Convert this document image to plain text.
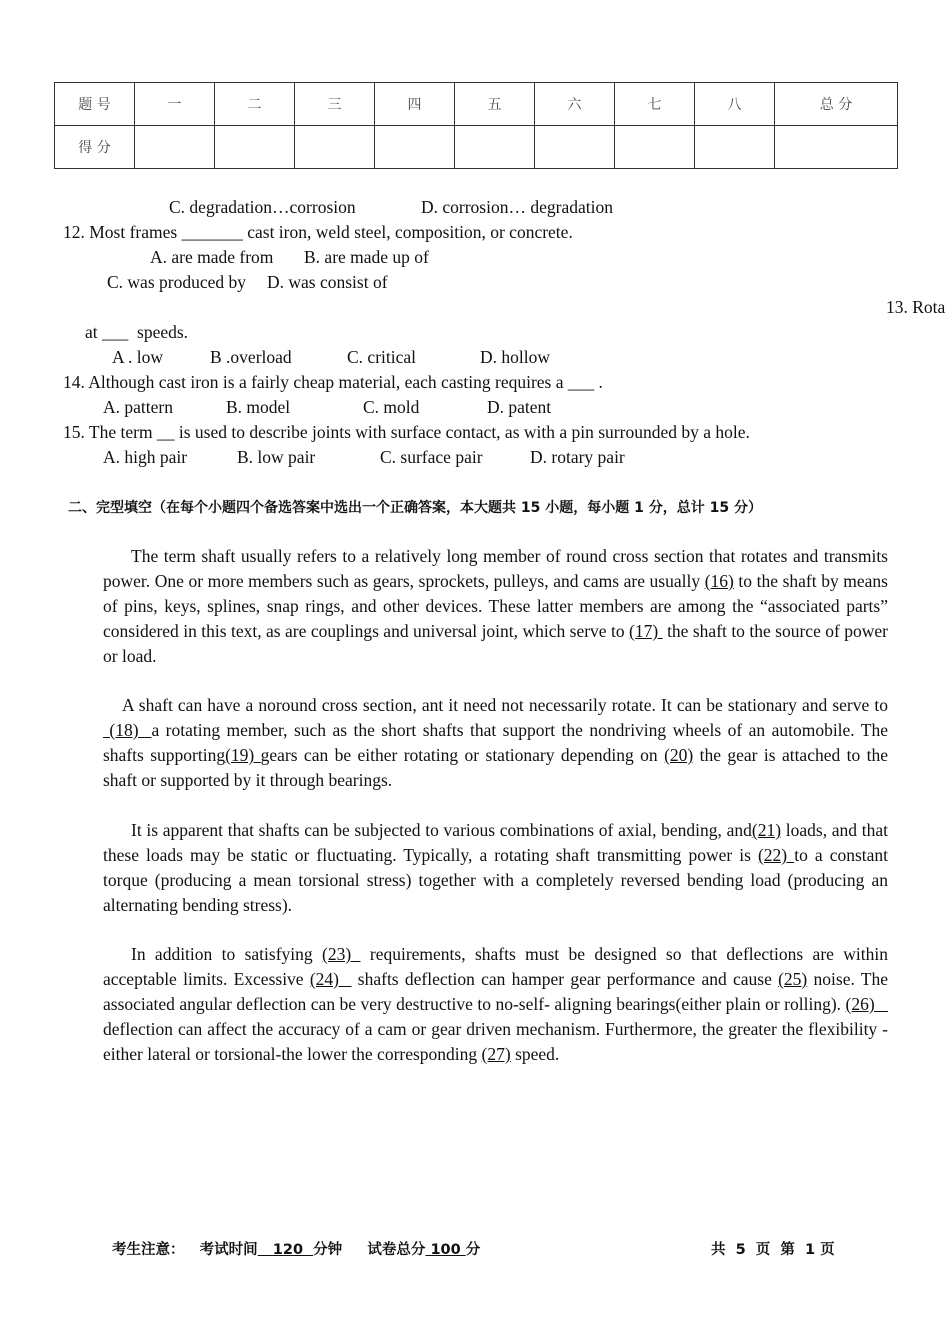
题 号	一	二	三	四	五	六	七	八	总 分
得 分									
C. degradation…corrosion	D. corrosion… degradation
12. Most frames _______ cast iron, weld steel, composition, or concrete.
A. are made from B. are made up of
C. was produced by D. was consist of
13. Rota
at ___  speeds.
A . low	B .overload	C. critical	D. hollow
14. Although cast iron is a fairly cheap material, each casting requires a ___ .
A. pattern	B. model	C. mold	D. patent
15. The term __ is used to describe joints with surface contact, as with a pin surrounded by a hole.
A. high pair	B. low pair	C. surface pair	D. rotary pair
二、完型填空（在每个小题四个备选答案中选出一个正确答案，本大题共 15 小题，每小题 1 分，总计 15 分）
The term shaft usually refers to a relatively long member of round cross section that rotates and transmits power. One or more members such as gears, sprockets, pulleys, and cams are usually (16) to the shaft by means of pins, keys, splines, snap rings, and other devices. These latter members are among the “associated parts” considered in this text, as are couplings and universal joint, which serve to (17)  the shaft to the source of power or load.
A shaft can have a noround cross section, ant it need not necessarily rotate. It can be stationary and serve to (18)  a rotating member, such as the short shafts that support the nondriving wheels of an automobile. The shafts supporting(19) gears can be either rotating or stationary depending on (20) the gear is attached to the shaft or supported by it through bearings.
It is apparent that shafts can be subjected to various combinations of axial, bending, and(21) loads, and that these loads may be static or fluctuating. Typically, a rotating shaft transmitting power is (22) to a constant torque (producing a mean torsional stress) together with a completely reversed bending load (producing an alternating bending stress).
In addition to satisfying (23)  requirements, shafts must be designed so that deflections are within acceptable limits. Excessive (24)   shafts deflection can hamper gear performance and cause (25) noise. The associated angular deflection can be very destructive to no-self- aligning bearings(either plain or rolling). (26)    deflection can affect the accuracy of a cam or gear driven mechanism. Furthermore, the greater the flexibility -either lateral or torsional-the lower the corresponding (27) speed.
考生注意： 考试时间   120  分钟 试卷总分 100 分	共  5  页  第  1 页
